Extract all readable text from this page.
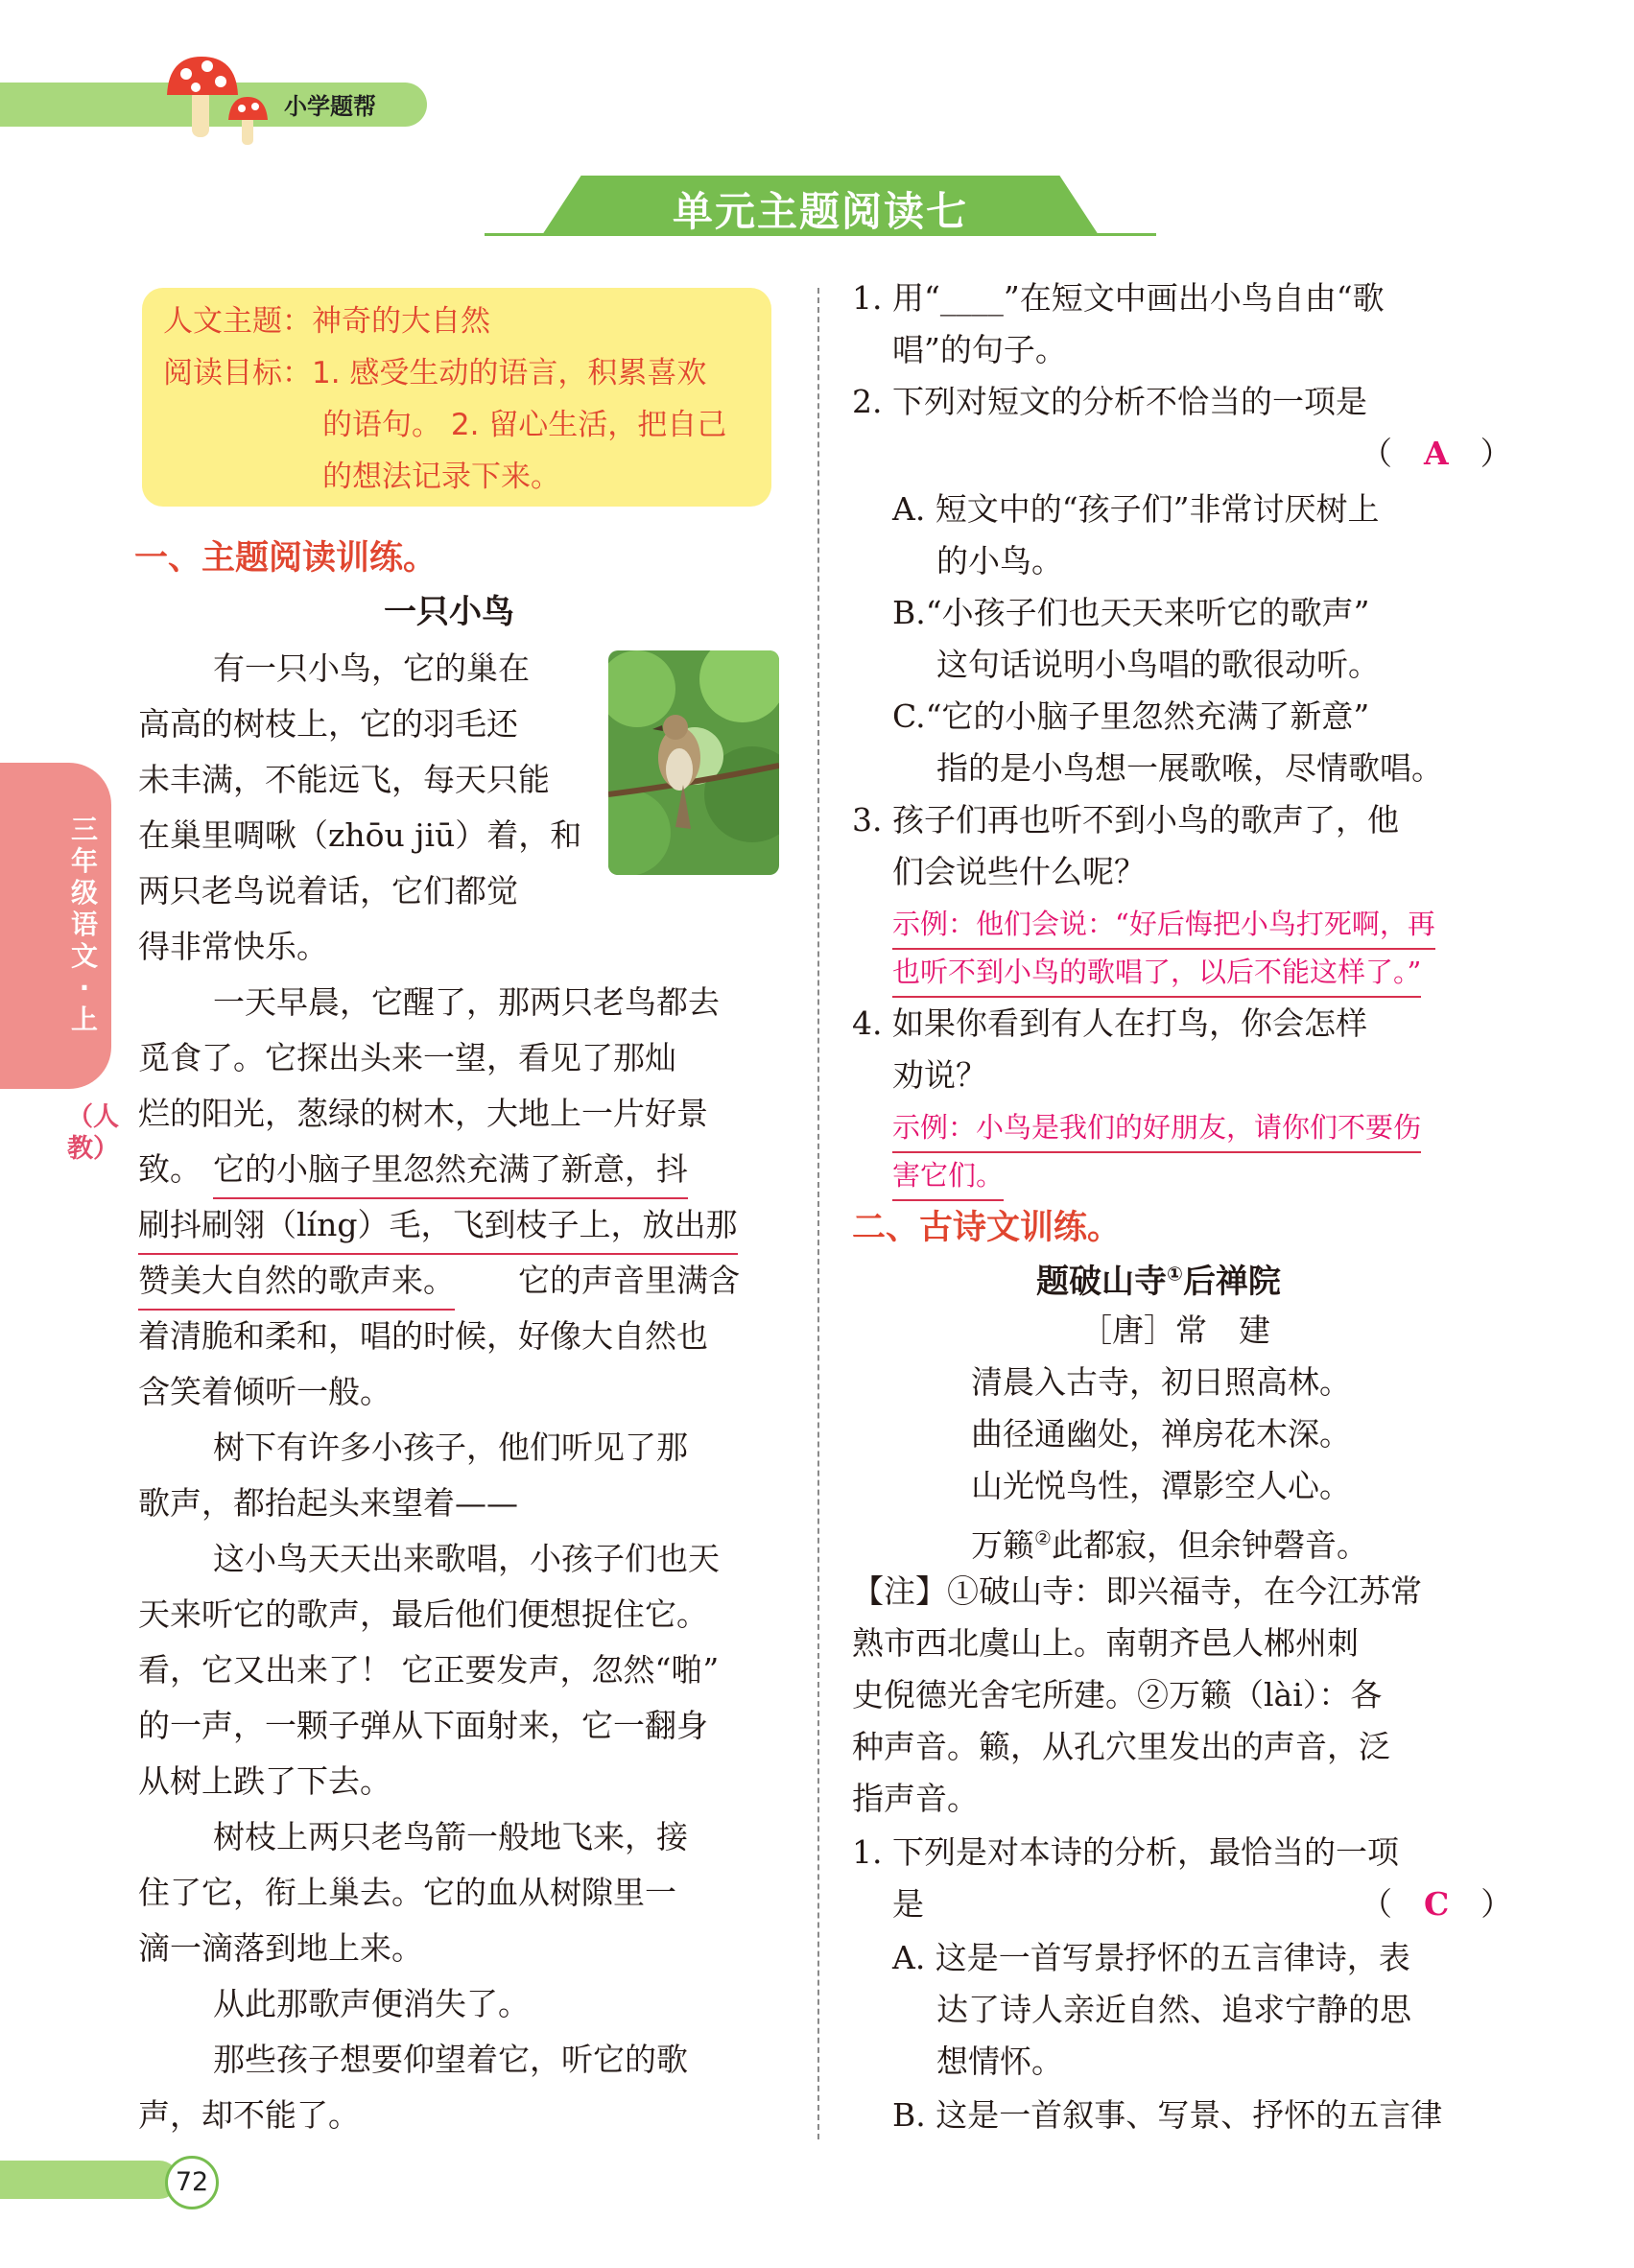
小学题帮
单元主题阅读七
三年级语文·上
（人教）
人文主题：神奇的大自然
阅读目标：1. 感受生动的语言，积累喜欢
的语句。 2. 留心生活，把自己
的想法记录下来。
一、主题阅读训练。
一只小鸟
有一只小鸟，它的巢在
高高的树枝上，它的羽毛还
未丰满，不能远飞，每天只能
在巢里啁啾（zhōu jiū）着，和
两只老鸟说着话，它们都觉
得非常快乐。
一天早晨，它醒了，那两只老鸟都去
觅食了。它探出头来一望，看见了那灿
烂的阳光，葱绿的树木，大地上一片好景
致。 它的小脑子里忽然充满了新意，抖
刷抖刷翎（líng）毛，飞到枝子上，放出那
赞美大自然的歌声来。 它的声音里满含
着清脆和柔和，唱的时候，好像大自然也
含笑着倾听一般。
树下有许多小孩子，他们听见了那
歌声，都抬起头来望着——
这小鸟天天出来歌唱，小孩子们也天
天来听它的歌声，最后他们便想捉住它。
看，它又出来了！ 它正要发声，忽然“啪”
的一声，一颗子弹从下面射来，它一翻身
从树上跌了下去。
树枝上两只老鸟箭一般地飞来，接
住了它，衔上巢去。它的血从树隙里一
滴一滴落到地上来。
从此那歌声便消失了。
那些孩子想要仰望着它，听它的歌
声，却不能了。
1. 用“____”在短文中画出小鸟自由“歌
唱”的句子。
2. 下列对短文的分析不恰当的一项是
（　A　）
A. 短文中的“孩子们”非常讨厌树上
的小鸟。
B.“小孩子们也天天来听它的歌声”
这句话说明小鸟唱的歌很动听。
C.“它的小脑子里忽然充满了新意”
指的是小鸟想一展歌喉，尽情歌唱。
3. 孩子们再也听不到小鸟的歌声了，他
们会说些什么呢？
示例：他们会说：“好后悔把小鸟打死啊，再
也听不到小鸟的歌唱了，以后不能这样了。”
4. 如果你看到有人在打鸟，你会怎样
劝说？
示例：小鸟是我们的好朋友，请你们不要伤
害它们。
二、古诗文训练。
题破山寺①后禅院
［唐］常　建
清晨入古寺，初日照高林。
曲径通幽处，禅房花木深。
山光悦鸟性，潭影空人心。
万籁②此都寂，但余钟磬音。
【注】①破山寺：即兴福寺，在今江苏常
熟市西北虞山上。南朝齐邑人郴州刺
史倪德光舍宅所建。②万籁（lài）：各
种声音。籁，从孔穴里发出的声音，泛
指声音。
1. 下列是对本诗的分析，最恰当的一项
是	（　C　）
A. 这是一首写景抒怀的五言律诗，表
达了诗人亲近自然、追求宁静的思
想情怀。
B. 这是一首叙事、写景、抒怀的五言律
72
